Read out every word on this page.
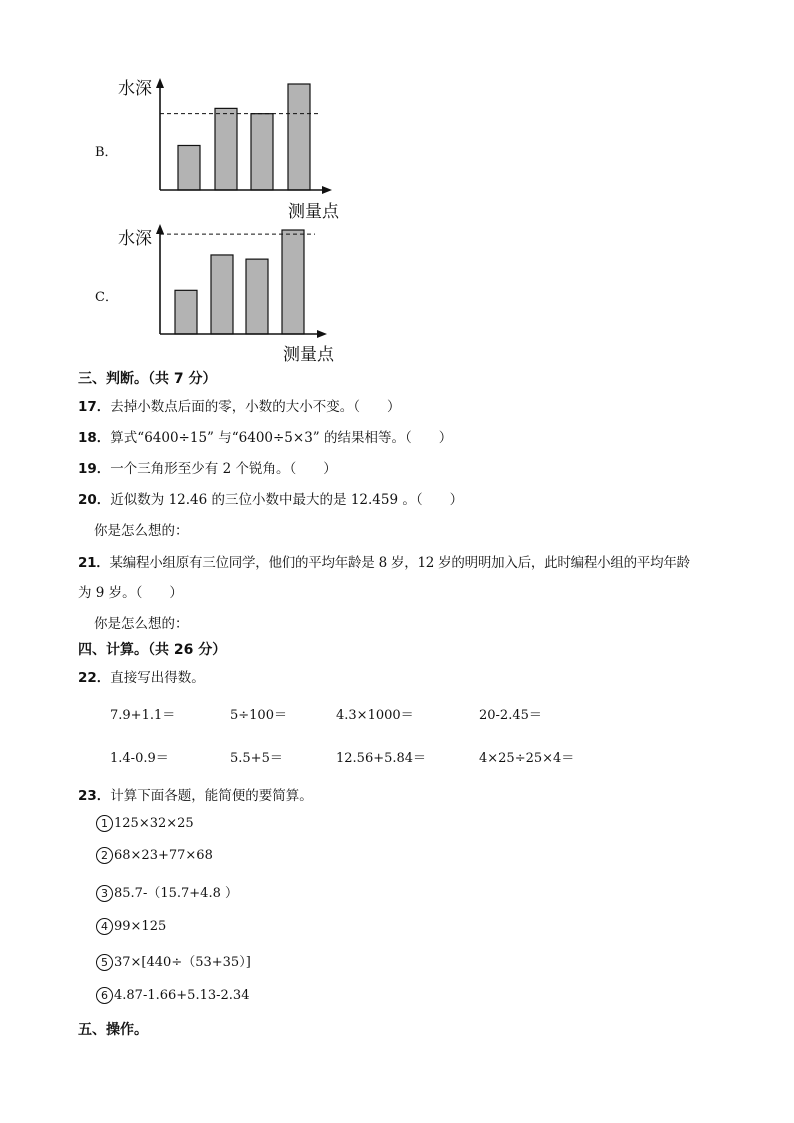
B．
水深
测量点
C．
水深
测量点
三、判断。（共 7 分）
17．去掉小数点后面的零，小数的大小不变。（　　）
18．算式“6400÷15” 与“6400÷5×3” 的结果相等。（　　）
19．一个三角形至少有 2 个锐角。（　　）
20．近似数为 12.46 的三位小数中最大的是 12.459 。（　　）
你是怎么想的：
21．某编程小组原有三位同学，他们的平均年龄是 8 岁，12 岁的明明加入后，此时编程小组的平均年龄
为 9 岁。（　　）
你是怎么想的：
四、计算。（共 26 分）
22．直接写出得数。
7.9+1.1＝	5÷100＝	4.3×1000＝	20-2.45＝
1.4-0.9＝	5.5+5＝	12.56+5.84＝	4×25÷25×4＝
23．计算下面各题，能简便的要简算。
1 125×32×25
2 68×23+77×68
3 85.7-（15.7+4.8 ）
4 99×125
5 37×[440÷（53+35）]
6 4.87-1.66+5.13-2.34
五、操作。
